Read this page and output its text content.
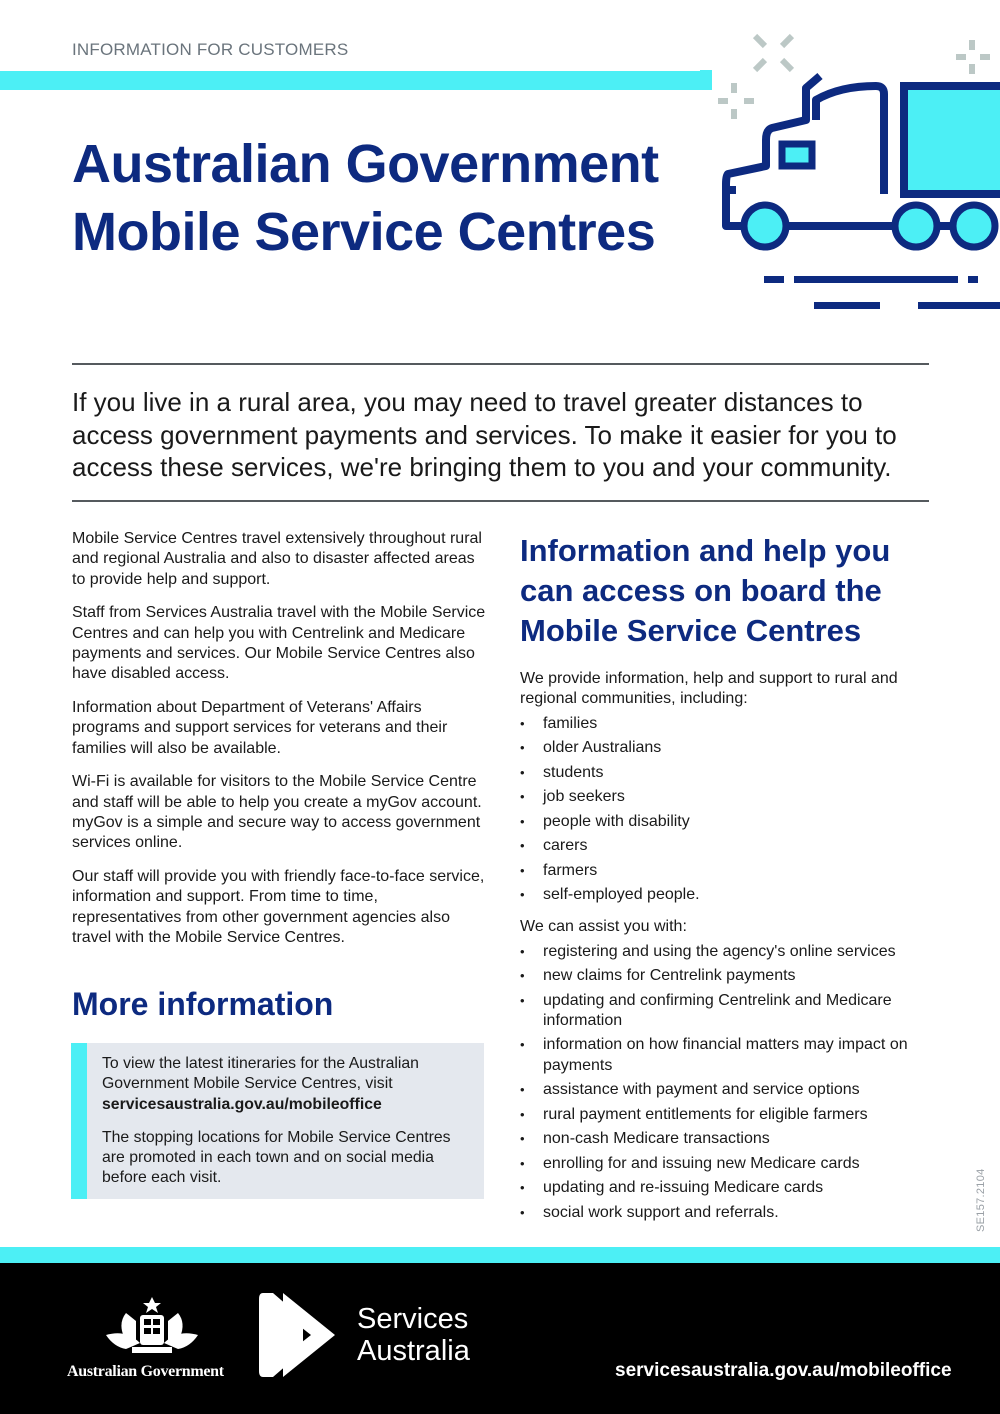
INFORMATION FOR CUSTOMERS
Australian Government
Mobile Service Centres

If you live in a rural area, you may need to travel greater distances to access government payments and services. To make it easier for you to access these services, we're bringing them to you and your community.

Mobile Service Centres travel extensively throughout rural and regional Australia and also to disaster affected areas to provide help and support.

Staff from Services Australia travel with the Mobile Service Centres and can help you with Centrelink and Medicare payments and services. Our Mobile Service Centres also have disabled access.

Information about Department of Veterans' Affairs programs and support services for veterans and their families will also be available.

Wi-Fi is available for visitors to the Mobile Service Centre and staff will be able to help you create a myGov account. myGov is a simple and secure way to access government services online.

Our staff will provide you with friendly face-to-face service, information and support. From time to time, representatives from other government agencies also travel with the Mobile Service Centres.

More information

To view the latest itineraries for the Australian Government Mobile Service Centres, visit
servicesaustralia.gov.au/mobileoffice

The stopping locations for Mobile Service Centres are promoted in each town and on social media before each visit.

Information and help you can access on board the Mobile Service Centres

We provide information, help and support to rural and regional communities, including:

• families
• older Australians
• students
• job seekers
• people with disability
• carers
• farmers
• self-employed people.

We can assist you with:

• registering and using the agency's online services
• new claims for Centrelink payments
• updating and confirming Centrelink and Medicare information
• information on how financial matters may impact on payments
• assistance with payment and service options
• rural payment entitlements for eligible farmers
• non-cash Medicare transactions
• enrolling for and issuing new Medicare cards
• updating and re-issuing Medicare cards
• social work support and referrals.	SE157.2104
Australian Government
Services
Australia
servicesaustralia.gov.au/mobileoffice
